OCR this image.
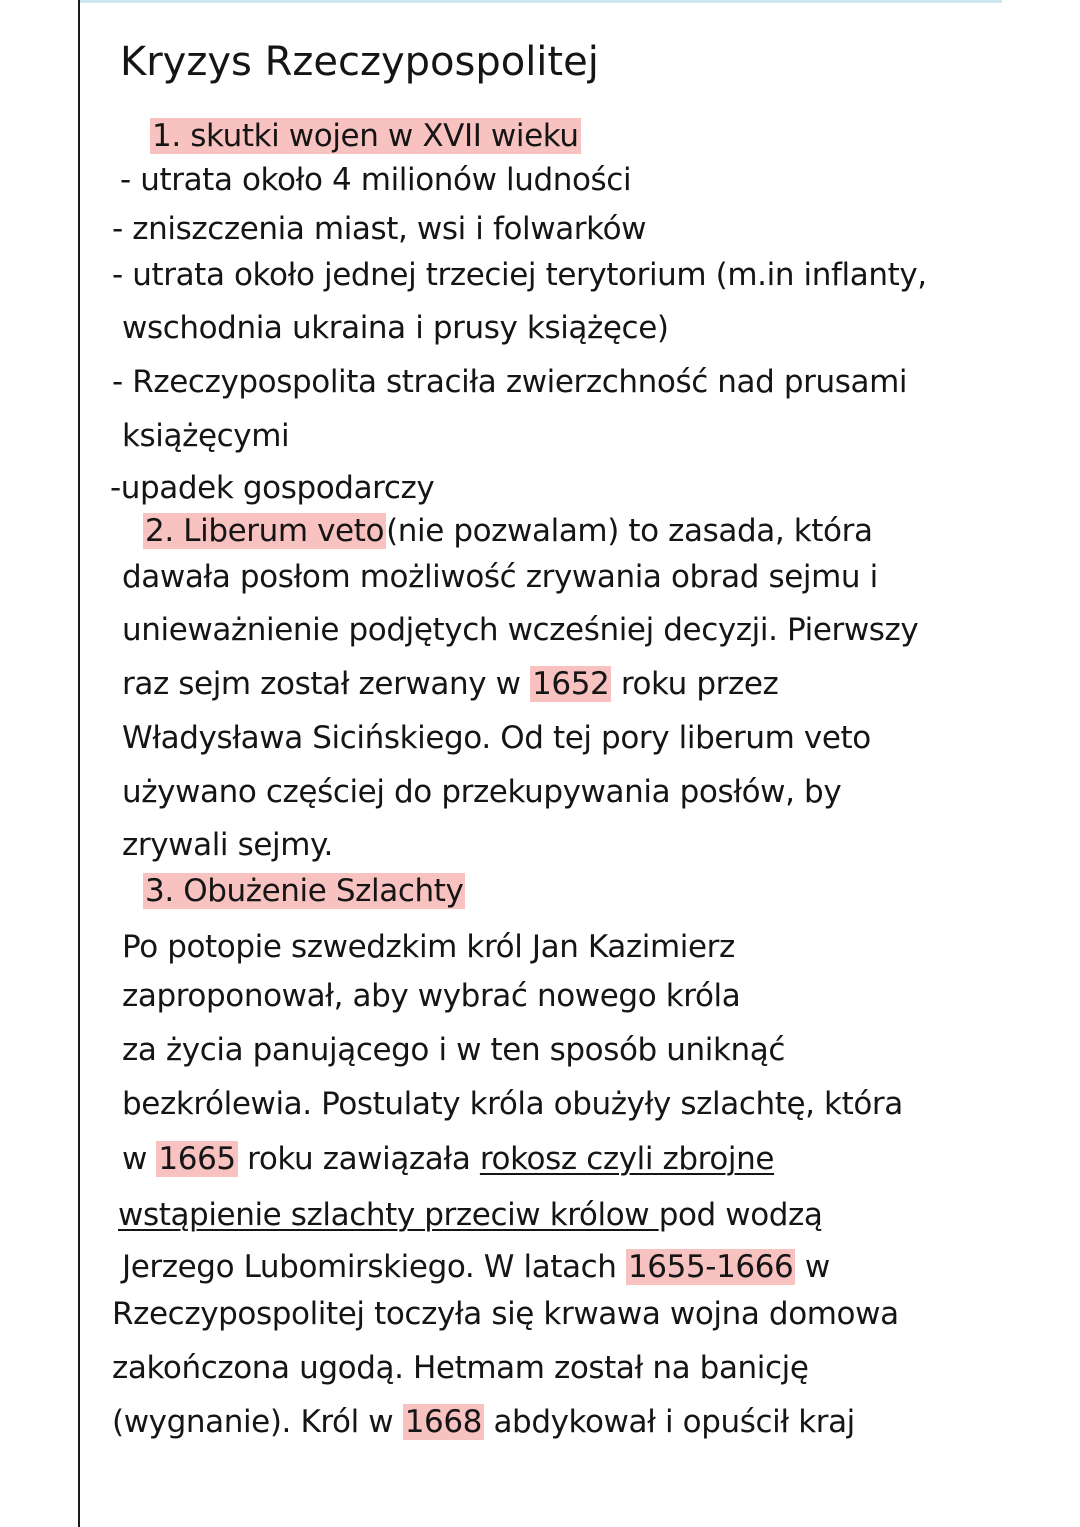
Kryzys Rzeczypospolitej
1. skutki wojen w XVII wieku
- utrata około 4 milionów ludności
- zniszczenia miast, wsi i folwarków
- utrata około jednej trzeciej terytorium (m.in inflanty,
wschodnia ukraina i prusy książęce)
- Rzeczypospolita straciła zwierzchność nad prusami
książęcymi
-upadek gospodarczy
2. Liberum veto(nie pozwalam) to zasada, która
dawała posłom możliwość zrywania obrad sejmu i
unieważnienie podjętych wcześniej decyzji. Pierwszy
raz sejm został zerwany w 1652 roku przez
Władysława Sicińskiego. Od tej pory liberum veto
używano częściej do przekupywania posłów, by
zrywali sejmy.
3. Obużenie Szlachty
Po potopie szwedzkim król Jan Kazimierz
zaproponował, aby wybrać nowego króla
za życia panującego i w ten sposób uniknąć
bezkrólewia. Postulaty króla obużyły szlachtę, która
w 1665 roku zawiązała rokosz czyli zbrojne
wstąpienie szlachty przeciw królow pod wodzą
Jerzego Lubomirskiego. W latach 1655-1666 w
Rzeczypospolitej toczyła się krwawa wojna domowa
zakończona ugodą. Hetmam został na banicję
(wygnanie). Król w 1668 abdykował i opuścił kraj
